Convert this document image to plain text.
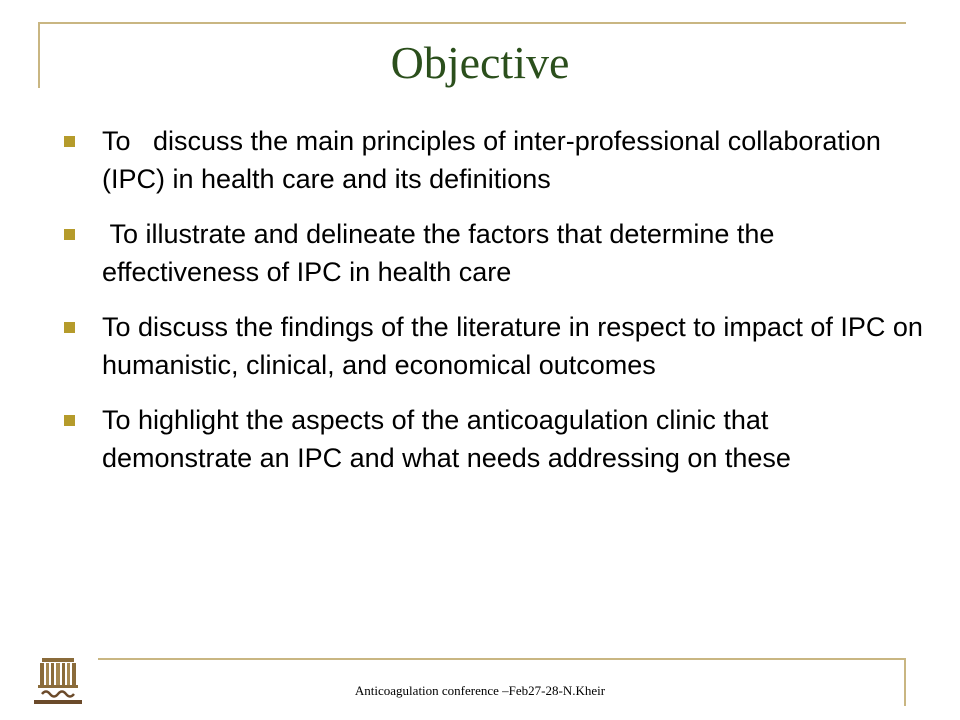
Objective
To   discuss the main principles of inter-professional collaboration (IPC) in health care and its definitions
To illustrate and delineate the factors that determine the effectiveness of IPC in health care
To discuss the findings of the literature in respect to impact of IPC on humanistic, clinical, and economical outcomes
To highlight the aspects of the anticoagulation clinic that demonstrate an IPC and what needs addressing on these
Anticoagulation conference –Feb27-28-N.Kheir
